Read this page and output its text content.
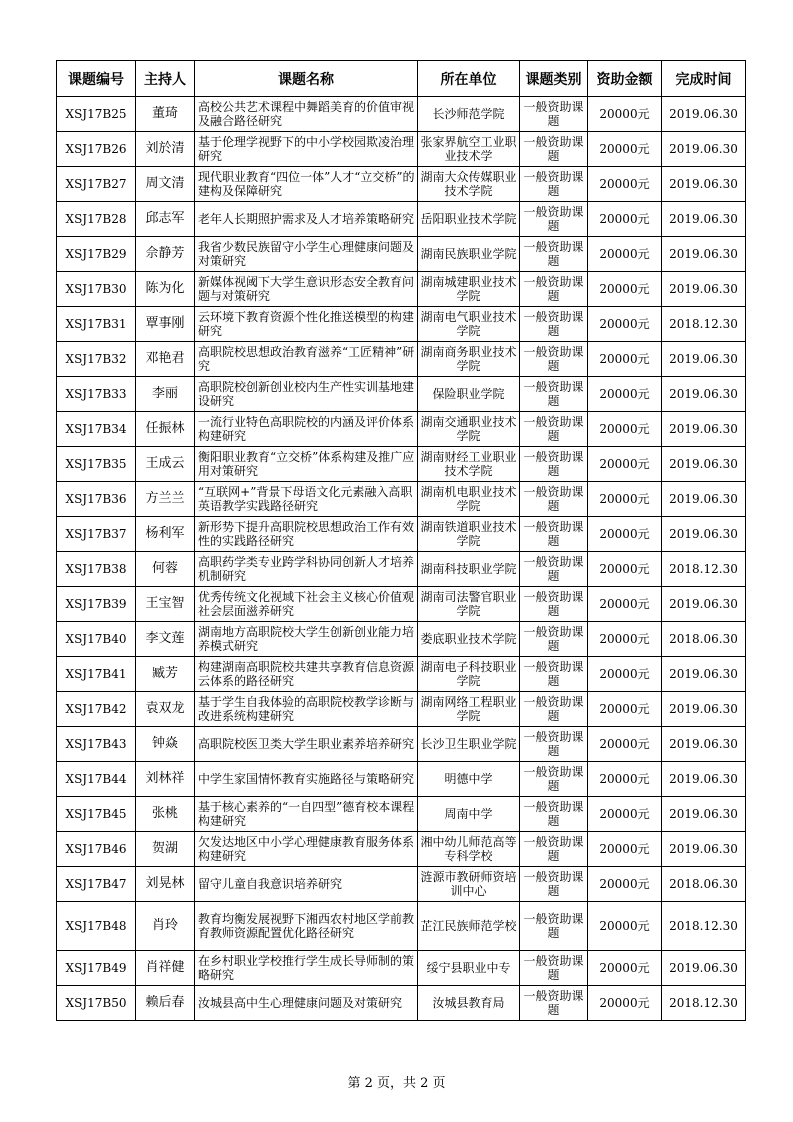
课题编号	主持人	课题名称	所在单位	课题类别	资助金额	完成时间
XSJ17B25	董琦	高校公共艺术课程中舞蹈美育的价值审视及融合路径研究	长沙师范学院	一般资助课题	20000元	2019.06.30
XSJ17B26	刘於清	基于伦理学视野下的中小学校园欺凌治理研究	张家界航空工业职业技术学	一般资助课题	20000元	2019.06.30
XSJ17B27	周文清	现代职业教育“四位一体”人才“立交桥”的建构及保障研究	湖南大众传媒职业技术学院	一般资助课题	20000元	2019.06.30
XSJ17B28	邱志军	老年人长期照护需求及人才培养策略研究	岳阳职业技术学院	一般资助课题	20000元	2019.06.30
XSJ17B29	佘静芳	我省少数民族留守小学生心理健康问题及对策研究	湖南民族职业学院	一般资助课题	20000元	2019.06.30
XSJ17B30	陈为化	新媒体视阈下大学生意识形态安全教育问题与对策研究	湖南城建职业技术学院	一般资助课题	20000元	2019.06.30
XSJ17B31	覃事刚	云环境下教育资源个性化推送模型的构建研究	湖南电气职业技术学院	一般资助课题	20000元	2018.12.30
XSJ17B32	邓艳君	高职院校思想政治教育滋养“工匠精神”研究	湖南商务职业技术学院	一般资助课题	20000元	2019.06.30
XSJ17B33	李丽	高职院校创新创业校内生产性实训基地建设研究	保险职业学院	一般资助课题	20000元	2019.06.30
XSJ17B34	任振林	一流行业特色高职院校的内涵及评价体系构建研究	湖南交通职业技术学院	一般资助课题	20000元	2019.06.30
XSJ17B35	王成云	衡阳职业教育“立交桥”体系构建及推广应用对策研究	湖南财经工业职业技术学院	一般资助课题	20000元	2019.06.30
XSJ17B36	方兰兰	“互联网+”背景下母语文化元素融入高职英语教学实践路径研究	湖南机电职业技术学院	一般资助课题	20000元	2019.06.30
XSJ17B37	杨利军	新形势下提升高职院校思想政治工作有效性的实践路径研究	湖南铁道职业技术学院	一般资助课题	20000元	2019.06.30
XSJ17B38	何蓉	高职药学类专业跨学科协同创新人才培养机制研究	湖南科技职业学院	一般资助课题	20000元	2018.12.30
XSJ17B39	王宝智	优秀传统文化视域下社会主义核心价值观社会层面滋养研究	湖南司法警官职业学院	一般资助课题	20000元	2019.06.30
XSJ17B40	李文莲	湖南地方高职院校大学生创新创业能力培养模式研究	娄底职业技术学院	一般资助课题	20000元	2018.06.30
XSJ17B41	臧芳	构建湖南高职院校共建共享教育信息资源云体系的路径研究	湖南电子科技职业学院	一般资助课题	20000元	2019.06.30
XSJ17B42	袁双龙	基于学生自我体验的高职院校教学诊断与改进系统构建研究	湖南网络工程职业学院	一般资助课题	20000元	2019.06.30
XSJ17B43	钟焱	高职院校医卫类大学生职业素养培养研究	长沙卫生职业学院	一般资助课题	20000元	2019.06.30
XSJ17B44	刘林祥	中学生家国情怀教育实施路径与策略研究	明德中学	一般资助课题	20000元	2019.06.30
XSJ17B45	张桃	基于核心素养的“一自四型”德育校本课程构建研究	周南中学	一般资助课题	20000元	2019.06.30
XSJ17B46	贺湖	欠发达地区中小学心理健康教育服务体系构建研究	湘中幼儿师范高等专科学校	一般资助课题	20000元	2019.06.30
XSJ17B47	刘晃林	留守儿童自我意识培养研究	涟源市教研师资培训中心	一般资助课题	20000元	2018.06.30
XSJ17B48	肖玲	教育均衡发展视野下湘西农村地区学前教育教师资源配置优化路径研究	芷江民族师范学校	一般资助课题	20000元	2018.12.30
XSJ17B49	肖祥健	在乡村职业学校推行学生成长导师制的策略研究	绥宁县职业中专	一般资助课题	20000元	2019.06.30
XSJ17B50	赖后春	汝城县高中生心理健康问题及对策研究	汝城县教育局	一般资助课题	20000元	2018.12.30
第 2 页，共 2 页
